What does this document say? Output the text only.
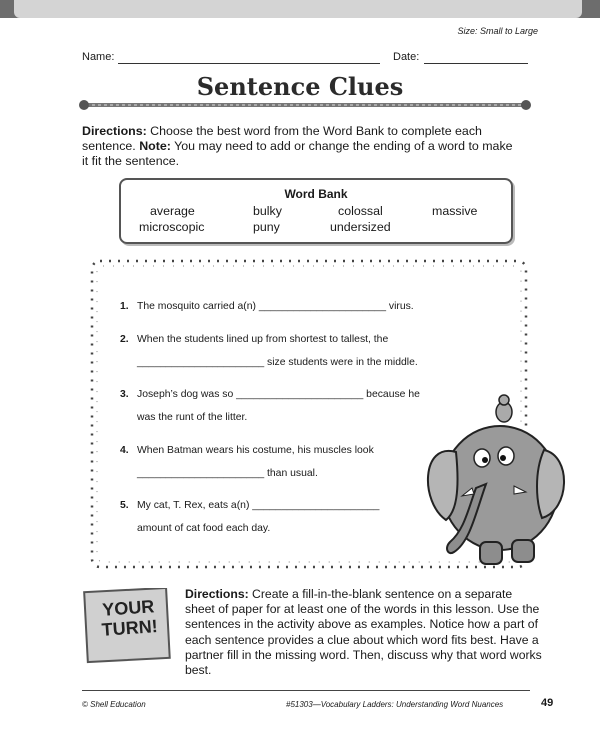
Size: Small to Large
Name:	Date:
Sentence Clues
Directions: Choose the best word from the Word Bank to complete each sentence. Note: You may need to add or change the ending of a word to make it fit the sentence.
Word Bank
average	bulky	colossal	massive
microscopic	puny	undersized
1. The mosquito carried a(n) ______________________ virus.
2. When the students lined up from shortest to tallest, the
______________________ size students were in the middle.
3. Joseph’s dog was so ______________________ because he
was the runt of the litter.
4. When Batman wears his costume, his muscles look
______________________ than usual.
5. My cat, T. Rex, eats a(n) ______________________
amount of cat food each day.
YOUR
TURN!
Directions: Create a fill-in-the-blank sentence on a separate sheet of paper for at least one of the words in this lesson. Use the sentences in the activity above as examples. Notice how a part of each sentence provides a clue about which word fits best. Have a partner fill in the missing word. Then, discuss why that word works best.
© Shell Education	#51303—Vocabulary Ladders: Understanding Word Nuances	49
